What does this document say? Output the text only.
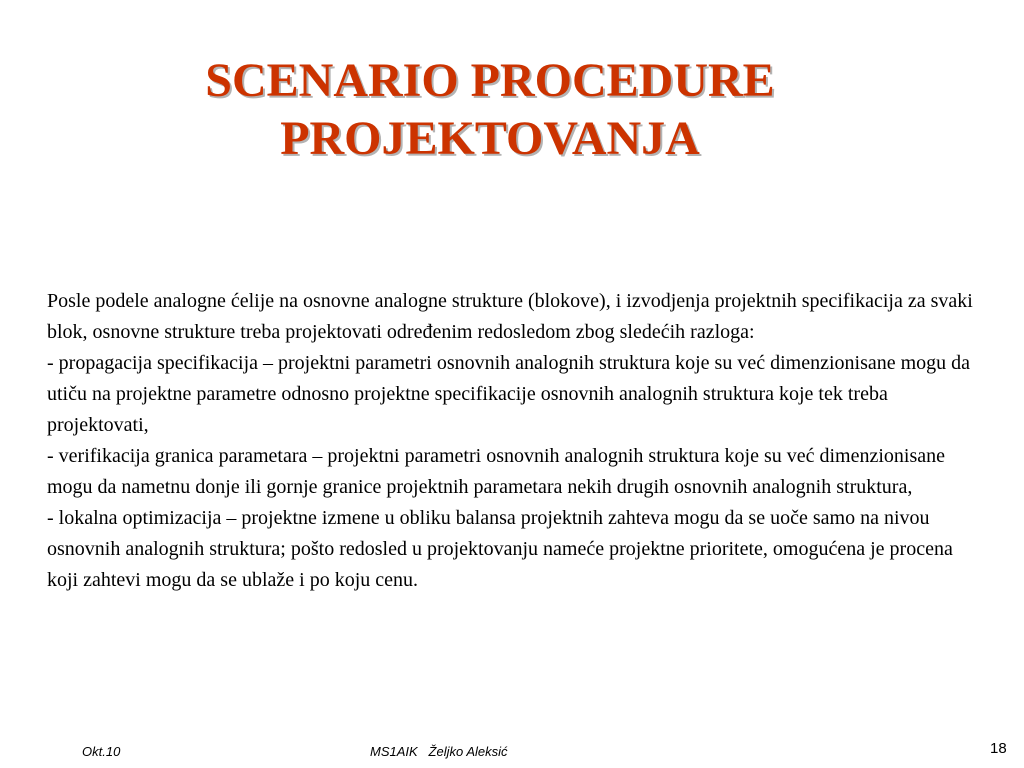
SCENARIO PROCEDURE
PROJEKTOVANJA

Posle podele analogne ćelije na osnovne analogne strukture (blokove), i izvodjenja projektnih specifikacija za svaki blok, osnovne strukture treba projektovati određenim redosledom zbog sledećih razloga:

- propagacija specifikacija – projektni parametri osnovnih analognih struktura koje su već dimenzionisane mogu da utiču na projektne parametre odnosno projektne specifikacije osnovnih analognih struktura koje tek treba projektovati,

- verifikacija granica parametara – projektni parametri osnovnih analognih struktura koje su već dimenzionisane mogu da nametnu donje ili gornje granice projektnih parametara nekih drugih osnovnih analognih struktura,

- lokalna optimizacija – projektne izmene u obliku balansa projektnih zahteva mogu da se uoče samo na nivou osnovnih analognih struktura; pošto redosled u projektovanju nameće projektne prioritete, omogućena je procena koji zahtevi mogu da se ublaže i po koju cenu.

Okt.10	MS1AIK   Željko Aleksić	18
